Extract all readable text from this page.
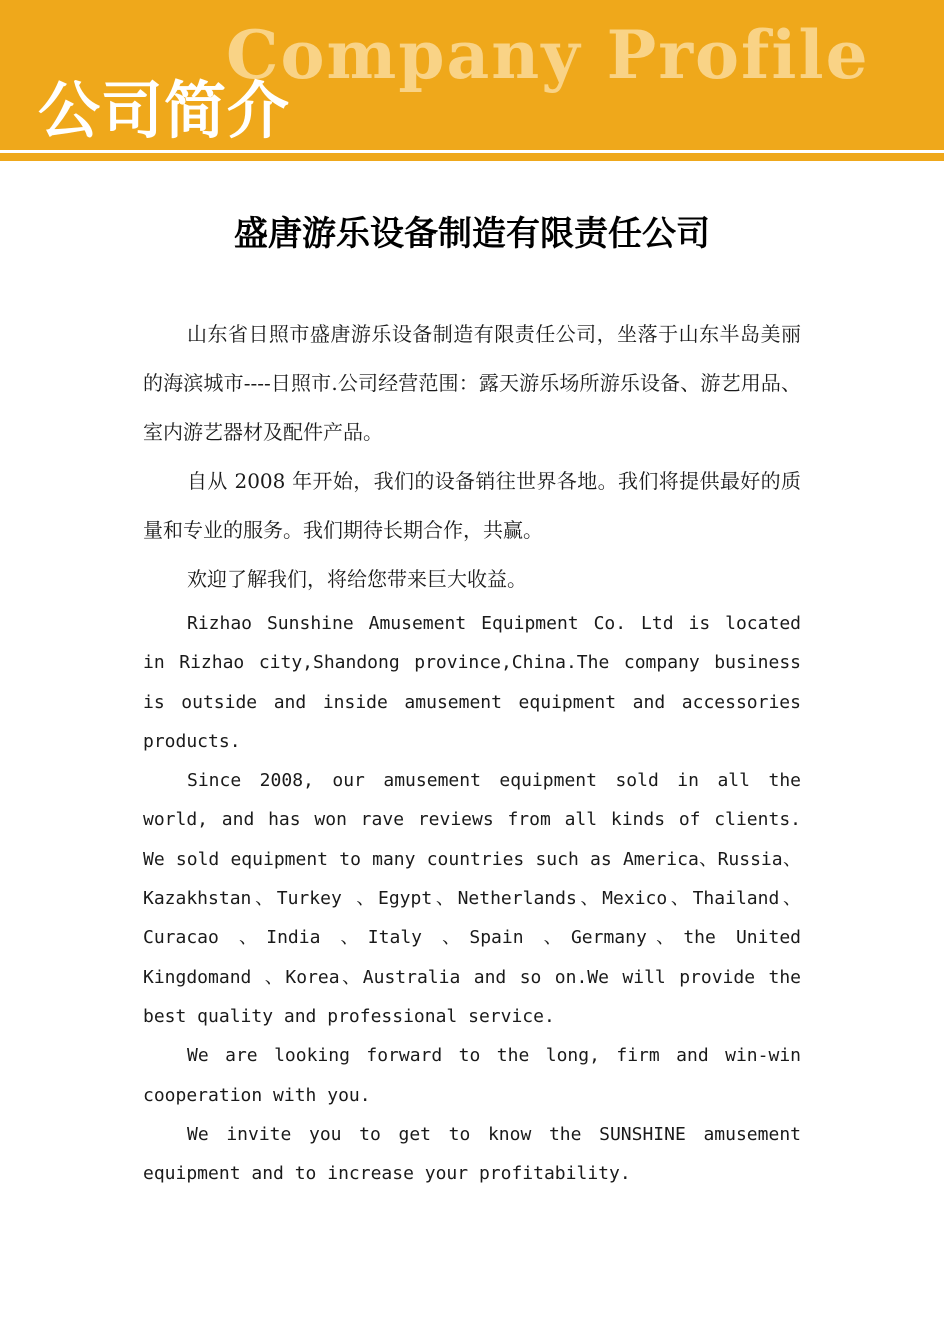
Company Profile
公司简介
盛唐游乐设备制造有限责任公司

山东省日照市盛唐游乐设备制造有限责任公司，坐落于山东半岛美丽的海滨城市----日照市.公司经营范围：露天游乐场所游乐设备、游艺用品、室内游艺器材及配件产品。

自从 2008 年开始，我们的设备销往世界各地。我们将提供最好的质量和专业的服务。我们期待长期合作，共赢。

欢迎了解我们，将给您带来巨大收益。

Rizhao Sunshine Amusement Equipment Co. Ltd is located in Rizhao city,Shandong province,China.The company business is outside and inside amusement equipment and accessories products.

Since 2008, our amusement equipment sold in all the world, and has won rave reviews from all kinds of clients. We sold equipment to many countries such as America、Russia、Kazakhstan、Turkey 、Egypt、Netherlands、Mexico、Thailand、Curacao 、India 、Italy 、Spain 、Germany、the United Kingdomand 、Korea、Australia and so on.We will provide the best quality and professional service.

We are looking forward to the long, firm and win-win cooperation with you.

We invite you to get to know the SUNSHINE amusement equipment and to increase your profitability.
